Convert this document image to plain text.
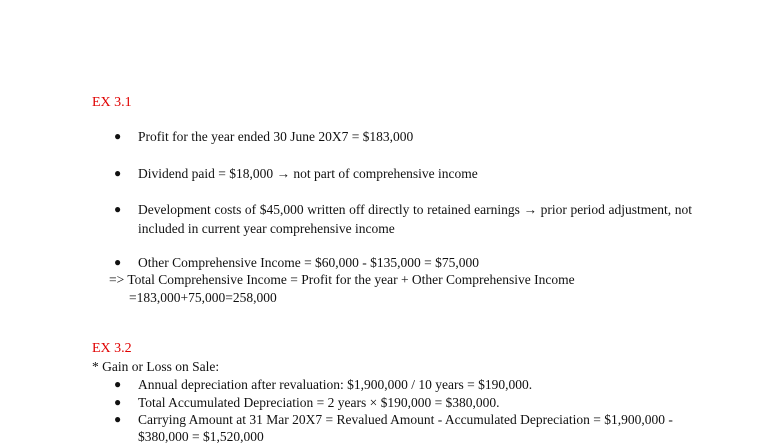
EX 3.1
●	Profit for the year ended 30 June 20X7 = $183,000
●	Dividend paid = $18,000 → not part of comprehensive income
●	Development costs of $45,000 written off directly to retained earnings → prior period adjustment, not included in current year comprehensive income
●	Other Comprehensive Income = $60,000 - $135,000 = $75,000
=> Total Comprehensive Income = Profit for the year + Other Comprehensive Income
=183,000+75,000=258,000
EX 3.2
* Gain or Loss on Sale:
●	Annual depreciation after revaluation: $1,900,000 / 10 years = $190,000.
●	Total Accumulated Depreciation = 2 years × $190,000 = $380,000.
●	Carrying Amount at 31 Mar 20X7 = Revalued Amount - Accumulated Depreciation = $1,900,000 - $380,000 = $1,520,000
